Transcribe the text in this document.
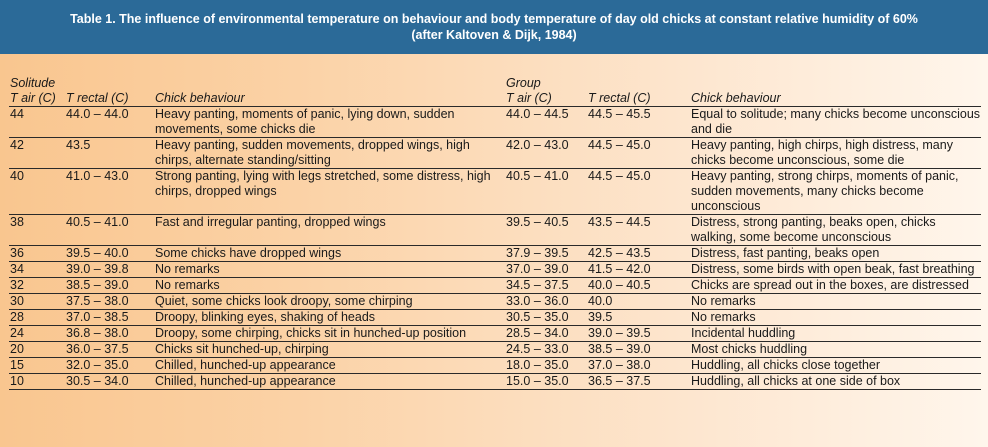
Table 1. The influence of environmental temperature on behaviour and body temperature of day old chicks at constant relative humidity of 60%
(after Kaltoven & Dijk, 1984)
Solitude			Group		
T air (C)	T rectal (C)	Chick behaviour	T air (C)	T rectal (C)	Chick behaviour
44	44.0 – 44.0	Heavy panting, moments of panic, lying down, sudden movements, some chicks die	44.0 – 44.5	44.5 – 45.5	Equal to solitude; many chicks become unconscious and die
42	43.5	Heavy panting, sudden movements, dropped wings, high chirps, alternate standing/sitting	42.0 – 43.0	44.5 – 45.0	Heavy panting, high chirps, high distress, many chicks become unconscious, some die
40	41.0 – 43.0	Strong panting, lying with legs stretched, some distress, high chirps, dropped wings	40.5 – 41.0	44.5 – 45.0	Heavy panting, strong chirps, moments of panic, sudden movements, many chicks become unconscious
38	40.5 – 41.0	Fast and irregular panting, dropped wings	39.5 – 40.5	43.5 – 44.5	Distress, strong panting, beaks open, chicks walking, some become unconscious
36	39.5 – 40.0	Some chicks have dropped wings	37.9 – 39.5	42.5 – 43.5	Distress, fast panting, beaks open
34	39.0 – 39.8	No remarks	37.0 – 39.0	41.5 – 42.0	Distress, some birds with open beak, fast breathing
32	38.5 – 39.0	No remarks	34.5 – 37.5	40.0 – 40.5	Chicks are spread out in the boxes, are distressed
30	37.5 – 38.0	Quiet, some chicks look droopy, some chirping	33.0 – 36.0	40.0	No remarks
28	37.0 – 38.5	Droopy, blinking eyes, shaking of heads	30.5 – 35.0	39.5	No remarks
24	36.8 – 38.0	Droopy, some chirping, chicks sit in hunched-up position	28.5 – 34.0	39.0 – 39.5	Incidental huddling
20	36.0 – 37.5	Chicks sit hunched-up, chirping	24.5 – 33.0	38.5 – 39.0	Most chicks huddling
15	32.0 – 35.0	Chilled, hunched-up appearance	18.0 – 35.0	37.0 – 38.0	Huddling, all chicks close together
10	30.5 – 34.0	Chilled, hunched-up appearance	15.0 – 35.0	36.5 – 37.5	Huddling, all chicks at one side of box
